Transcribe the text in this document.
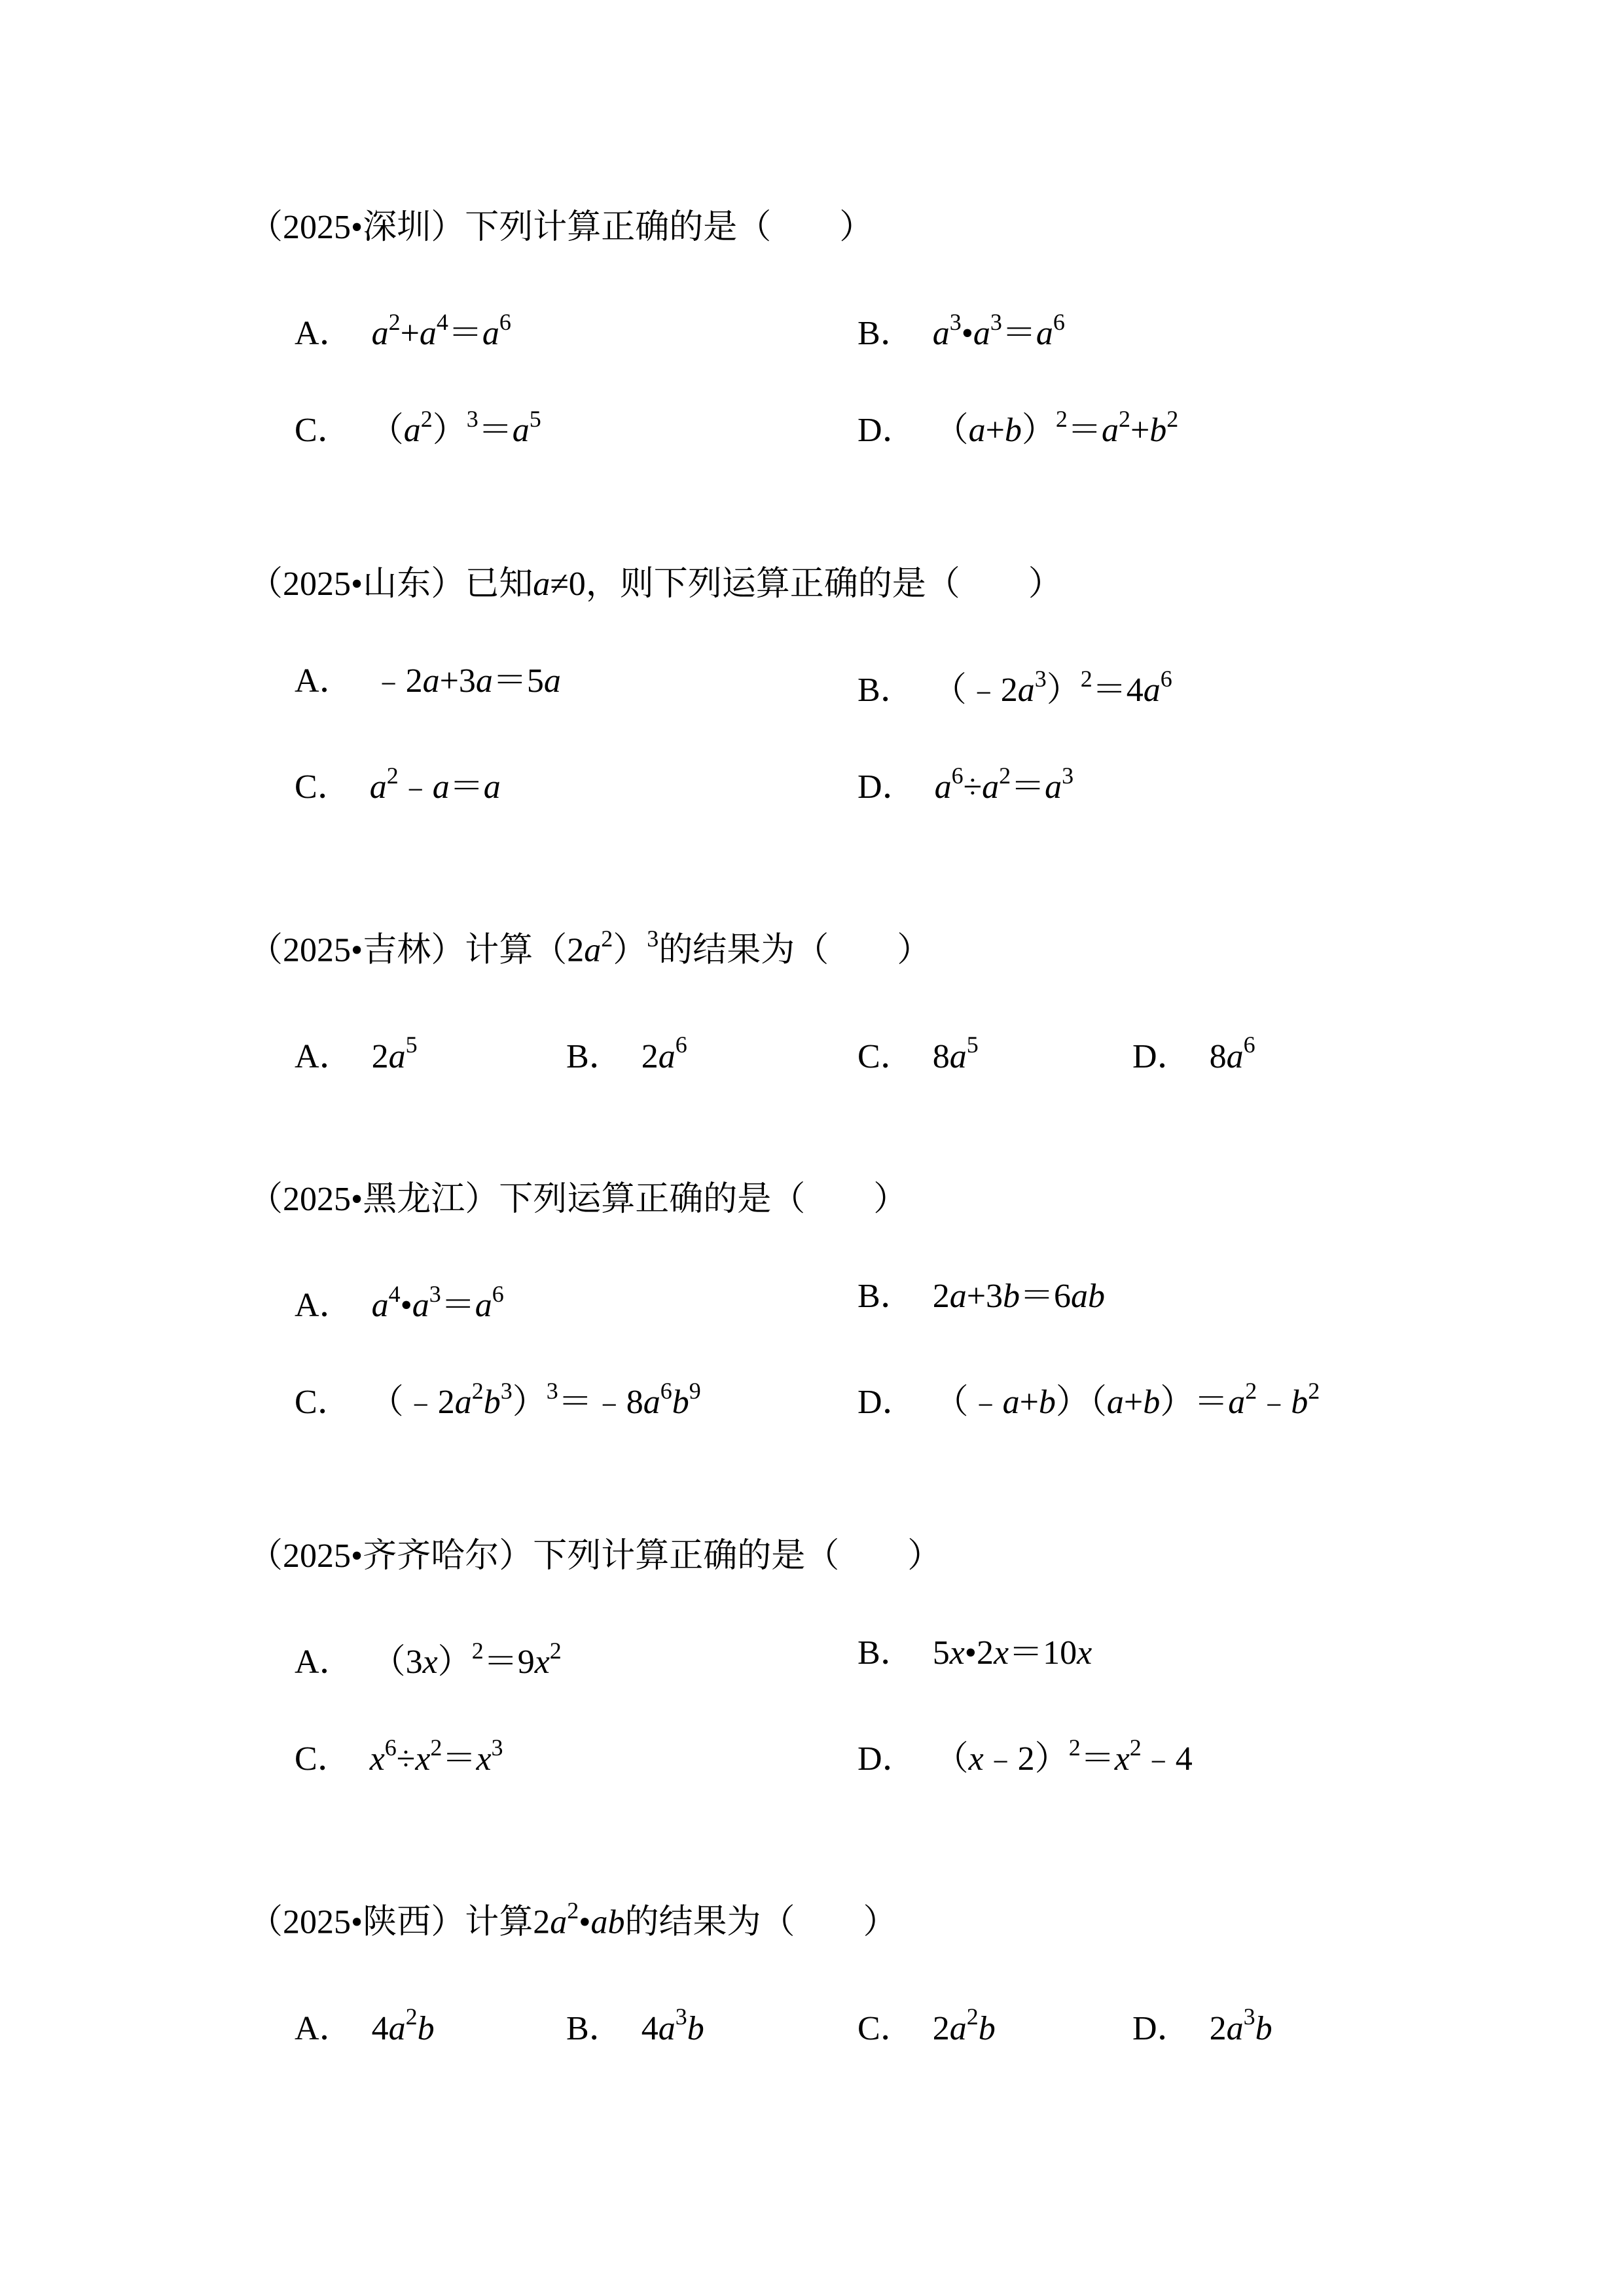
（2025•深圳）下列计算正确的是（　　）
A． $a^2+a^4=a^6$	B． $a^3•a^3=a^6$
C． $(a^2)^3=a^5$	D． $(a+b)^2=a^2+b^2$
（2025•山东）已知a≠0，则下列运算正确的是（　　）
A． ﹣2a+3a＝5a	B． $(﹣2a^3)^2=4a^6$
C． $a^2﹣a=a$	D． $a^6\div a^2=a^3$
（2025•吉林）计算$(2a^2)^3$的结果为（　　）
A． $2a^5$	B． $2a^6$	C． $8a^5$	D． $8a^6$
（2025•黑龙江）下列运算正确的是（　　）
A． $a^4•a^3=a^6$	B． 2a+3b＝6ab
C． $(﹣2a^2b^3)^3=﹣8a^6b^9$	D． $(﹣a+b)(a+b)=a^2﹣b^2$
（2025•齐齐哈尔）下列计算正确的是（　　）
A． $(3x)^2=9x^2$	B． 5x•2x＝10x
C． $x^6\div x^2=x^3$	D． $(x﹣2)^2=x^2﹣4$
（2025•陕西）计算$2a^2•ab$的结果为（　　）
A． $4a^2b$	B． $4a^3b$	C． $2a^2b$	D． $2a^3b$
